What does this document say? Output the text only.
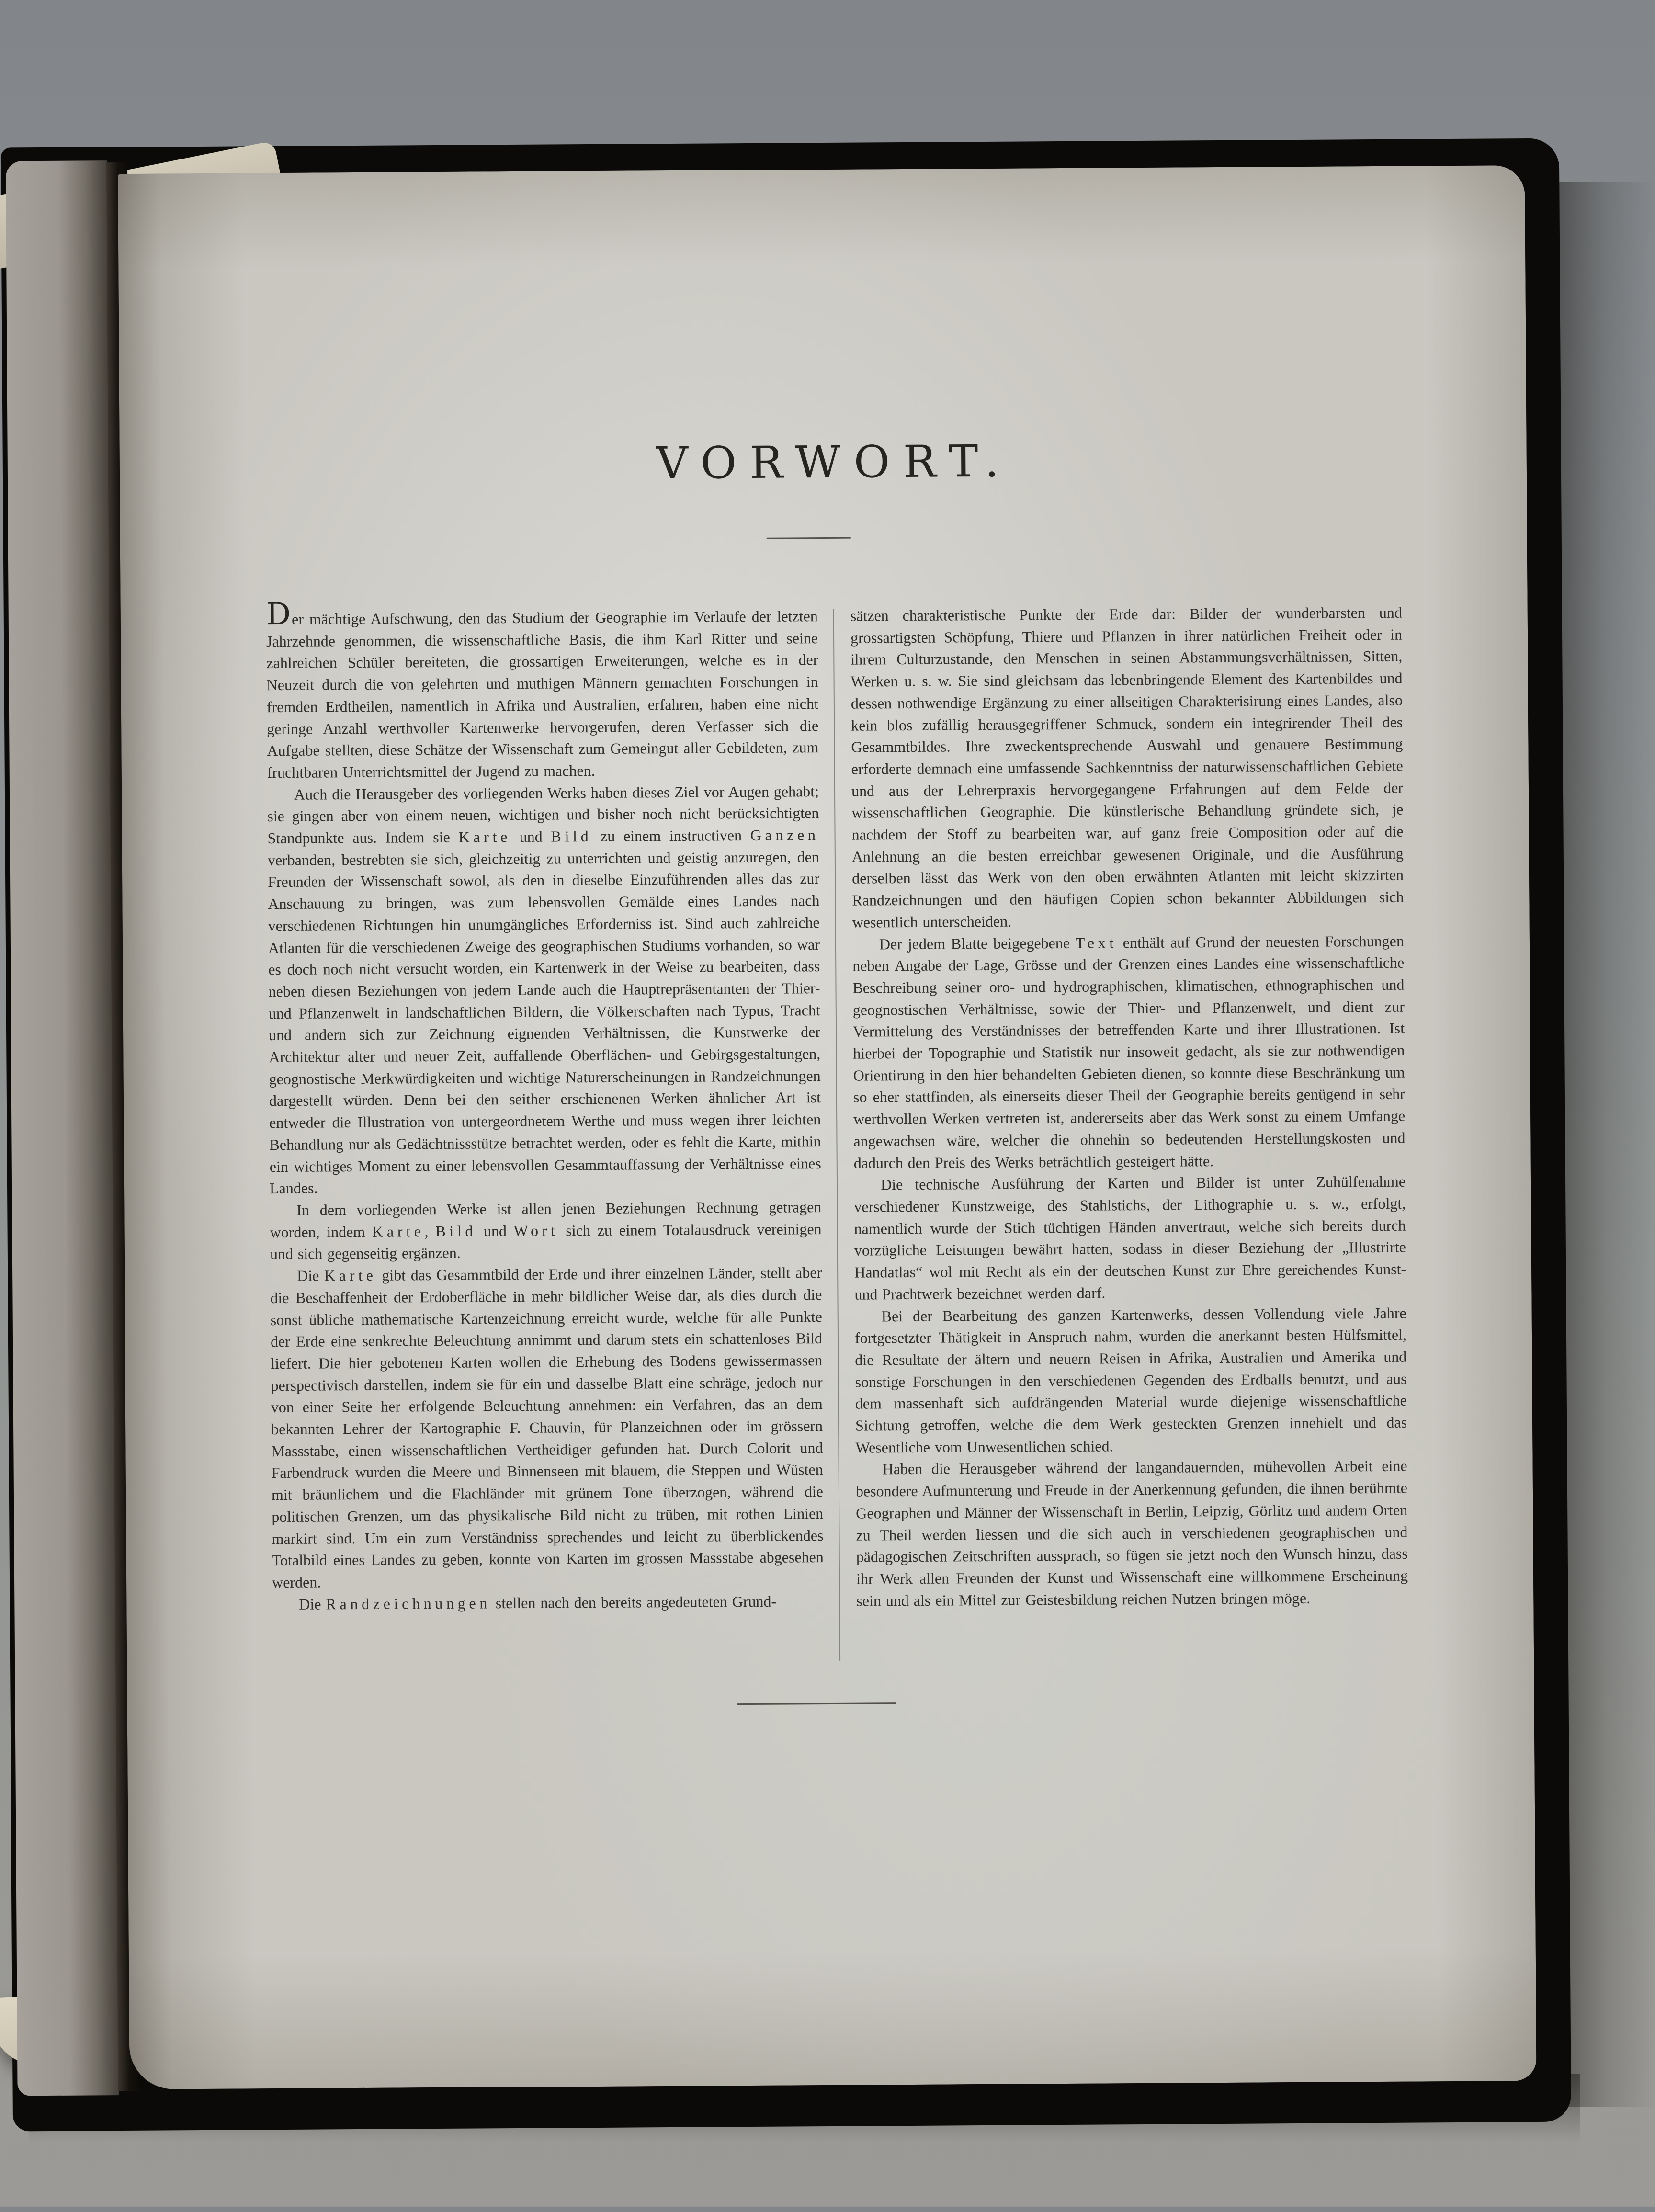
VORWORT.

Der mächtige Aufschwung, den das Studium der Geographie im Verlaufe der letzten Jahrzehnde genommen, die wissenschaftliche Basis, die ihm Karl Ritter und seine zahlreichen Schüler bereiteten, die grossartigen Erweiterungen, welche es in der Neuzeit durch die von gelehrten und muthigen Männern gemachten Forschungen in fremden Erdtheilen, namentlich in Afrika und Australien, erfahren, haben eine nicht geringe Anzahl werthvoller Kartenwerke hervorgerufen, deren Verfasser sich die Aufgabe stellten, diese Schätze der Wissenschaft zum Gemeingut aller Gebildeten, zum fruchtbaren Unterrichtsmittel der Jugend zu machen.

Auch die Herausgeber des vorliegenden Werks haben dieses Ziel vor Augen gehabt; sie gingen aber von einem neuen, wichtigen und bisher noch nicht berücksichtigten Standpunkte aus. Indem sie Karte und Bild zu einem instructiven Ganzen verbanden, bestrebten sie sich, gleichzeitig zu unterrichten und geistig anzuregen, den Freunden der Wissenschaft sowol, als den in dieselbe Einzuführenden alles das zur Anschauung zu bringen, was zum lebensvollen Gemälde eines Landes nach verschiedenen Richtungen hin unumgängliches Erforderniss ist. Sind auch zahlreiche Atlanten für die verschiedenen Zweige des geographischen Studiums vorhanden, so war es doch noch nicht versucht worden, ein Kartenwerk in der Weise zu bearbeiten, dass neben diesen Beziehungen von jedem Lande auch die Hauptrepräsentanten der Thier- und Pflanzenwelt in landschaftlichen Bildern, die Völkerschaften nach Typus, Tracht und andern sich zur Zeichnung eignenden Verhältnissen, die Kunstwerke der Architektur alter und neuer Zeit, auffallende Oberflächen- und Gebirgsgestaltungen, geognostische Merkwürdigkeiten und wichtige Naturerscheinungen in Randzeichnungen dargestellt würden. Denn bei den seither erschienenen Werken ähnlicher Art ist entweder die Illustration von untergeordnetem Werthe und muss wegen ihrer leichten Behandlung nur als Gedächtnissstütze betrachtet werden, oder es fehlt die Karte, mithin ein wichtiges Moment zu einer lebensvollen Gesammtauffassung der Verhältnisse eines Landes.

In dem vorliegenden Werke ist allen jenen Beziehungen Rechnung getragen worden, indem Karte, Bild und Wort sich zu einem Totalausdruck vereinigen und sich gegenseitig ergänzen.

Die Karte gibt das Gesammtbild der Erde und ihrer einzelnen Länder, stellt aber die Beschaffenheit der Erdoberfläche in mehr bildlicher Weise dar, als dies durch die sonst übliche mathematische Kartenzeichnung erreicht wurde, welche für alle Punkte der Erde eine senkrechte Beleuchtung annimmt und darum stets ein schattenloses Bild liefert. Die hier gebotenen Karten wollen die Erhebung des Bodens gewissermassen perspectivisch darstellen, indem sie für ein und dasselbe Blatt eine schräge, jedoch nur von einer Seite her erfolgende Beleuchtung annehmen: ein Verfahren, das an dem bekannten Lehrer der Kartographie F. Chauvin, für Planzeichnen oder im grössern Massstabe, einen wissenschaftlichen Vertheidiger gefunden hat. Durch Colorit und Farbendruck wurden die Meere und Binnenseen mit blauem, die Steppen und Wüsten mit bräunlichem und die Flachländer mit grünem Tone überzogen, während die politischen Grenzen, um das physikalische Bild nicht zu trüben, mit rothen Linien markirt sind. Um ein zum Verständniss sprechendes und leicht zu überblickendes Totalbild eines Landes zu geben, konnte von Karten im grossen Massstabe abgesehen werden.

Die Randzeichnungen stellen nach den bereits angedeuteten Grund-

sätzen charakteristische Punkte der Erde dar: Bilder der wunderbarsten und grossartigsten Schöpfung, Thiere und Pflanzen in ihrer natürlichen Freiheit oder in ihrem Culturzustande, den Menschen in seinen Abstammungsverhältnissen, Sitten, Werken u. s. w. Sie sind gleichsam das lebenbringende Element des Kartenbildes und dessen nothwendige Ergänzung zu einer allseitigen Charakterisirung eines Landes, also kein blos zufällig herausgegriffener Schmuck, sondern ein integrirender Theil des Gesammtbildes. Ihre zweckentsprechende Auswahl und genauere Bestimmung erforderte demnach eine umfassende Sachkenntniss der naturwissenschaftlichen Gebiete und aus der Lehrerpraxis hervorgegangene Erfahrungen auf dem Felde der wissenschaftlichen Geographie. Die künstlerische Behandlung gründete sich, je nachdem der Stoff zu bearbeiten war, auf ganz freie Composition oder auf die Anlehnung an die besten erreichbar gewesenen Originale, und die Ausführung derselben lässt das Werk von den oben erwähnten Atlanten mit leicht skizzirten Randzeichnungen und den häufigen Copien schon bekannter Abbildungen sich wesentlich unterscheiden.

Der jedem Blatte beigegebene Text enthält auf Grund der neuesten Forschungen neben Angabe der Lage, Grösse und der Grenzen eines Landes eine wissenschaftliche Beschreibung seiner oro- und hydrographischen, klimatischen, ethnographischen und geognostischen Verhältnisse, sowie der Thier- und Pflanzenwelt, und dient zur Vermittelung des Verständnisses der betreffenden Karte und ihrer Illustrationen. Ist hierbei der Topographie und Statistik nur insoweit gedacht, als sie zur nothwendigen Orientirung in den hier behandelten Gebieten dienen, so konnte diese Beschränkung um so eher stattfinden, als einerseits dieser Theil der Geographie bereits genügend in sehr werthvollen Werken vertreten ist, andererseits aber das Werk sonst zu einem Umfange angewachsen wäre, welcher die ohnehin so bedeutenden Herstellungskosten und dadurch den Preis des Werks beträchtlich gesteigert hätte.

Die technische Ausführung der Karten und Bilder ist unter Zuhülfenahme verschiedener Kunstzweige, des Stahlstichs, der Lithographie u. s. w., erfolgt, namentlich wurde der Stich tüchtigen Händen anvertraut, welche sich bereits durch vorzügliche Leistungen bewährt hatten, sodass in dieser Beziehung der „Illustrirte Handatlas“ wol mit Recht als ein der deutschen Kunst zur Ehre gereichendes Kunst- und Prachtwerk bezeichnet werden darf.

Bei der Bearbeitung des ganzen Kartenwerks, dessen Vollendung viele Jahre fortgesetzter Thätigkeit in Anspruch nahm, wurden die anerkannt besten Hülfsmittel, die Resultate der ältern und neuern Reisen in Afrika, Australien und Amerika und sonstige Forschungen in den verschiedenen Gegenden des Erdballs benutzt, und aus dem massenhaft sich aufdrängenden Material wurde diejenige wissenschaftliche Sichtung getroffen, welche die dem Werk gesteckten Grenzen innehielt und das Wesentliche vom Unwesentlichen schied.

Haben die Herausgeber während der langandauernden, mühevollen Arbeit eine besondere Aufmunterung und Freude in der Anerkennung gefunden, die ihnen berühmte Geographen und Männer der Wissenschaft in Berlin, Leipzig, Görlitz und andern Orten zu Theil werden liessen und die sich auch in verschiedenen geographischen und pädagogischen Zeitschriften aussprach, so fügen sie jetzt noch den Wunsch hinzu, dass ihr Werk allen Freunden der Kunst und Wissenschaft eine willkommene Erscheinung sein und als ein Mittel zur Geistesbildung reichen Nutzen bringen möge.
